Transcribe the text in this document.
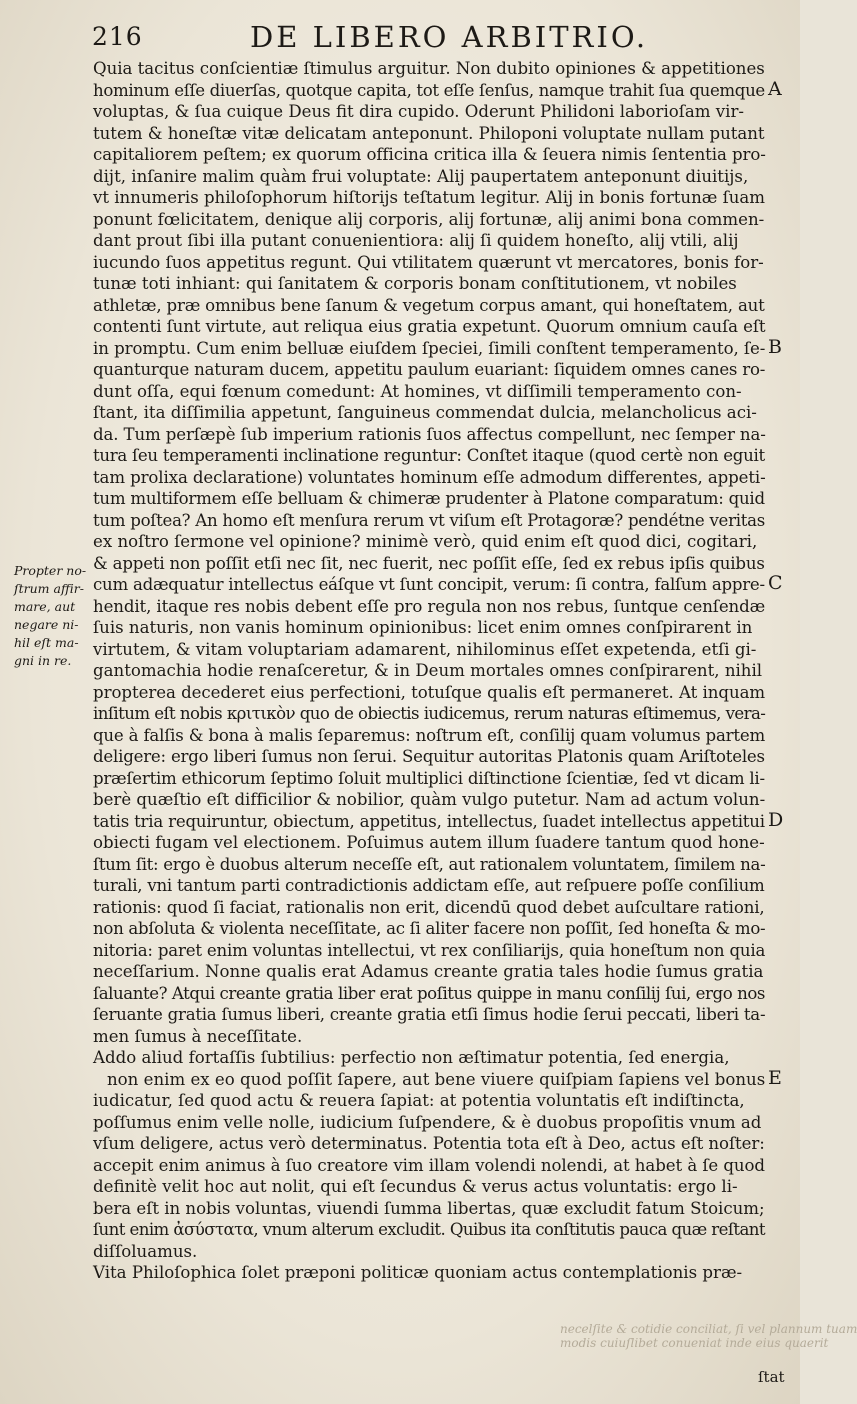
216	DE LIBERO ARBITRIO.
Quia tacitus conſcientiæ ſtimulus arguitur. Non dubito opiniones & appetitiones
hominum eſſe diuerſas, quotque capita, tot eſſe ſenſus, namque trahit ſua quemque
voluptas, & ſua cuique Deus fit dira cupido. Oderunt Philidoni laborioſam vir-
tutem & honeſtæ vitæ delicatam anteponunt. Philoponi voluptate nullam putant
capitaliorem peſtem; ex quorum officina critica illa & ſeuera nimis ſententia pro-
dijt, inſanire malim quàm frui voluptate: Alij paupertatem anteponunt diuitijs,
vt innumeris philoſophorum hiſtorijs teſtatum legitur. Alij in bonis fortunæ ſuam
ponunt fœlicitatem, denique alij corporis, alij fortunæ, alij animi bona commen-
dant prout ſibi illa putant conuenientiora: alij ſi quidem honeſto, alij vtili, alij
iucundo ſuos appetitus regunt. Qui vtilitatem quærunt vt mercatores, bonis for-
tunæ toti inhiant: qui ſanitatem & corporis bonam conſtitutionem, vt nobiles
athletæ, præ omnibus bene ſanum & vegetum corpus amant, qui honeſtatem, aut
contenti ſunt virtute, aut reliqua eius gratia expetunt. Quorum omnium cauſa eſt
in promptu. Cum enim belluæ eiuſdem ſpeciei, ſimili conſtent temperamento, ſe-
quanturque naturam ducem, appetitu paulum euariant: ſiquidem omnes canes ro-
dunt oſſa, equi fœnum comedunt: At homines, vt diſſimili temperamento con-
ſtant, ita diſſimilia appetunt, ſanguineus commendat dulcia, melancholicus aci-
da. Tum perſæpè ſub imperium rationis ſuos affectus compellunt, nec ſemper na-
tura ſeu temperamenti inclinatione reguntur: Conſtet itaque (quod certè non eguit
tam prolixa declaratione) voluntates hominum eſſe admodum differentes, appeti-
tum multiformem eſſe belluam & chimeræ prudenter à Platone comparatum: quid
tum poſtea? An homo eſt menſura rerum vt viſum eſt Protagoræ? pendétne veritas
ex noſtro ſermone vel opinione? minimè verò, quid enim eſt quod dici, cogitari,
& appeti non poſſit etſi nec ſit, nec fuerit, nec poſſit eſſe, ſed ex rebus ipſis quibus
cum adæquatur intellectus eáſque vt ſunt concipit, verum: ſi contra, falſum appre-
hendit, itaque res nobis debent eſſe pro regula non nos rebus, ſuntque cenſendæ
ſuis naturis, non vanis hominum opinionibus: licet enim omnes conſpirarent in
virtutem, & vitam voluptariam adamarent, nihilominus eſſet expetenda, etſi gi-
gantomachia hodie renaſceretur, & in Deum mortales omnes conſpirarent, nihil
propterea decederet eius perfectioni, totuſque qualis eſt permaneret. At inquam
inſitum eſt nobis κριτικὸν quo de obiectis iudicemus, rerum naturas eſtimemus, vera-
que à falſis & bona à malis ſeparemus: noſtrum eſt, conſilij quam volumus partem
deligere: ergo liberi ſumus non ſerui. Sequitur autoritas Platonis quam Ariſtoteles
præſertim ethicorum ſeptimo ſoluit multiplici diſtinctione ſcientiæ, ſed vt dicam li-
berè quæſtio eſt difficilior & nobilior, quàm vulgo putetur. Nam ad actum volun-
tatis tria requiruntur, obiectum, appetitus, intellectus, ſuadet intellectus appetitui
obiecti fugam vel electionem. Poſuimus autem illum ſuadere tantum quod hone-
ſtum ſit: ergo è duobus alterum neceſſe eſt, aut rationalem voluntatem, ſimilem na-
turali, vni tantum parti contradictionis addictam eſſe, aut reſpuere poſſe conſilium
rationis: quod ſi faciat, rationalis non erit, dicendū quod debet auſcultare rationi,
non abſoluta & violenta neceſſitate, ac ſi aliter facere non poſſit, ſed honeſta & mo-
nitoria: paret enim voluntas intellectui, vt rex conſiliarijs, quia honeſtum non quia
neceſſarium. Nonne qualis erat Adamus creante gratia tales hodie ſumus gratia
ſaluante? Atqui creante gratia liber erat poſitus quippe in manu conſilij ſui, ergo nos
ſeruante gratia ſumus liberi, creante gratia etſi ſimus hodie ſerui peccati, liberi ta-
men ſumus à neceſſitate.
Addo aliud fortaſſis ſubtilius: perfectio non æſtimatur potentia, ſed energia,
non enim ex eo quod poſſit ſapere, aut bene viuere quiſpiam ſapiens vel bonus
iudicatur, ſed quod actu & reuera ſapiat: at potentia voluntatis eſt indiſtincta,
poſſumus enim velle nolle, iudicium ſuſpendere, & è duobus propoſitis vnum ad
vſum deligere, actus verò determinatus. Potentia tota eſt à Deo, actus eſt noſter:
accepit enim animus à ſuo creatore vim illam volendi nolendi, at habet à ſe quod
definitè velit hoc aut nolit, qui eſt ſecundus & verus actus voluntatis: ergo li-
bera eſt in nobis voluntas, viuendi ſumma libertas, quæ excludit fatum Stoicum;
ſunt enim ἀσύστατα, vnum alterum excludit. Quibus ita conſtitutis pauca quæ reſtant
diſſoluamus.
Vita Philoſophica ſolet præponi politicæ quoniam actus contemplationis præ-
Propter no-
ſtrum affir-
mare, aut
negare ni-
hil eſt ma-
gni in re.
A
B
C
D
E
necelſite & cotidie conciliat, ſi vel plannum tuam
modis cuiuſlibet conueniat inde eius quaerit
ſtat
